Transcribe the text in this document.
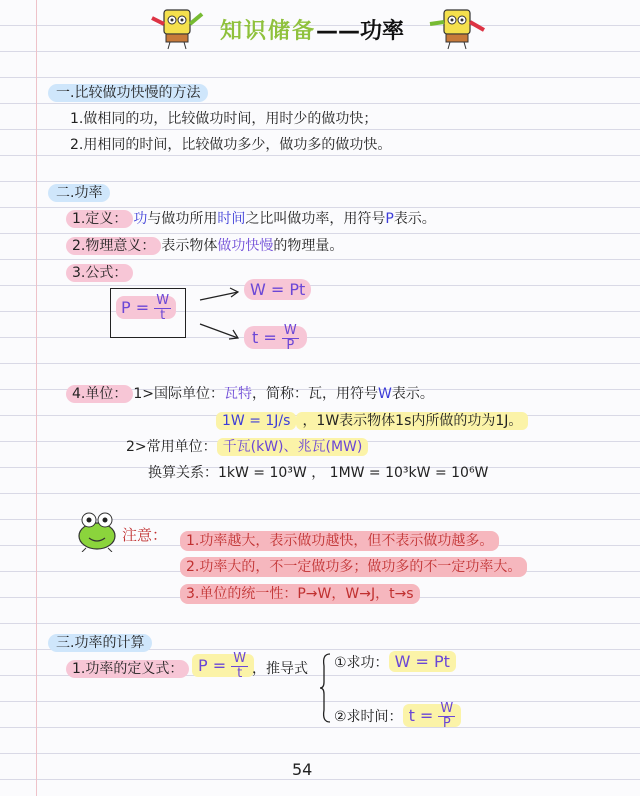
知识储备——功率
一.比较做功快慢的方法
1.做相同的功，比较做功时间，用时少的做功快；
2.用相同的时间，比较做功多少，做功多的做功快。
二.功率
1.定义： 功与做功所用时间之比叫做功率，用符号P表示。
2.物理意义： 表示物体做功快慢的物理量。
3.公式：
$P = \frac{W}{t}$
W = Pt
$t = \frac{W}{P}$
4.单位： 1>国际单位：瓦特，简称：瓦，用符号W表示。
1W = 1J/s ，1W表示物体1s内所做的功为1J。
2>常用单位： 千瓦(kW)、兆瓦(MW)
换算关系：1kW = 10³W ， 1MW = 10³kW = 10⁶W
注意：	1.功率越大，表示做功越快，但不表示做功越多。
2.功率大的，不一定做功多；做功多的不一定功率大。
3.单位的统一性：P→W，W→J，t→s
三.功率的计算
1.功率的定义式： $P = \frac{W}{t}$ ，推导式 ①求功： W = Pt
②求时间： $t = \frac{W}{P}$
54
